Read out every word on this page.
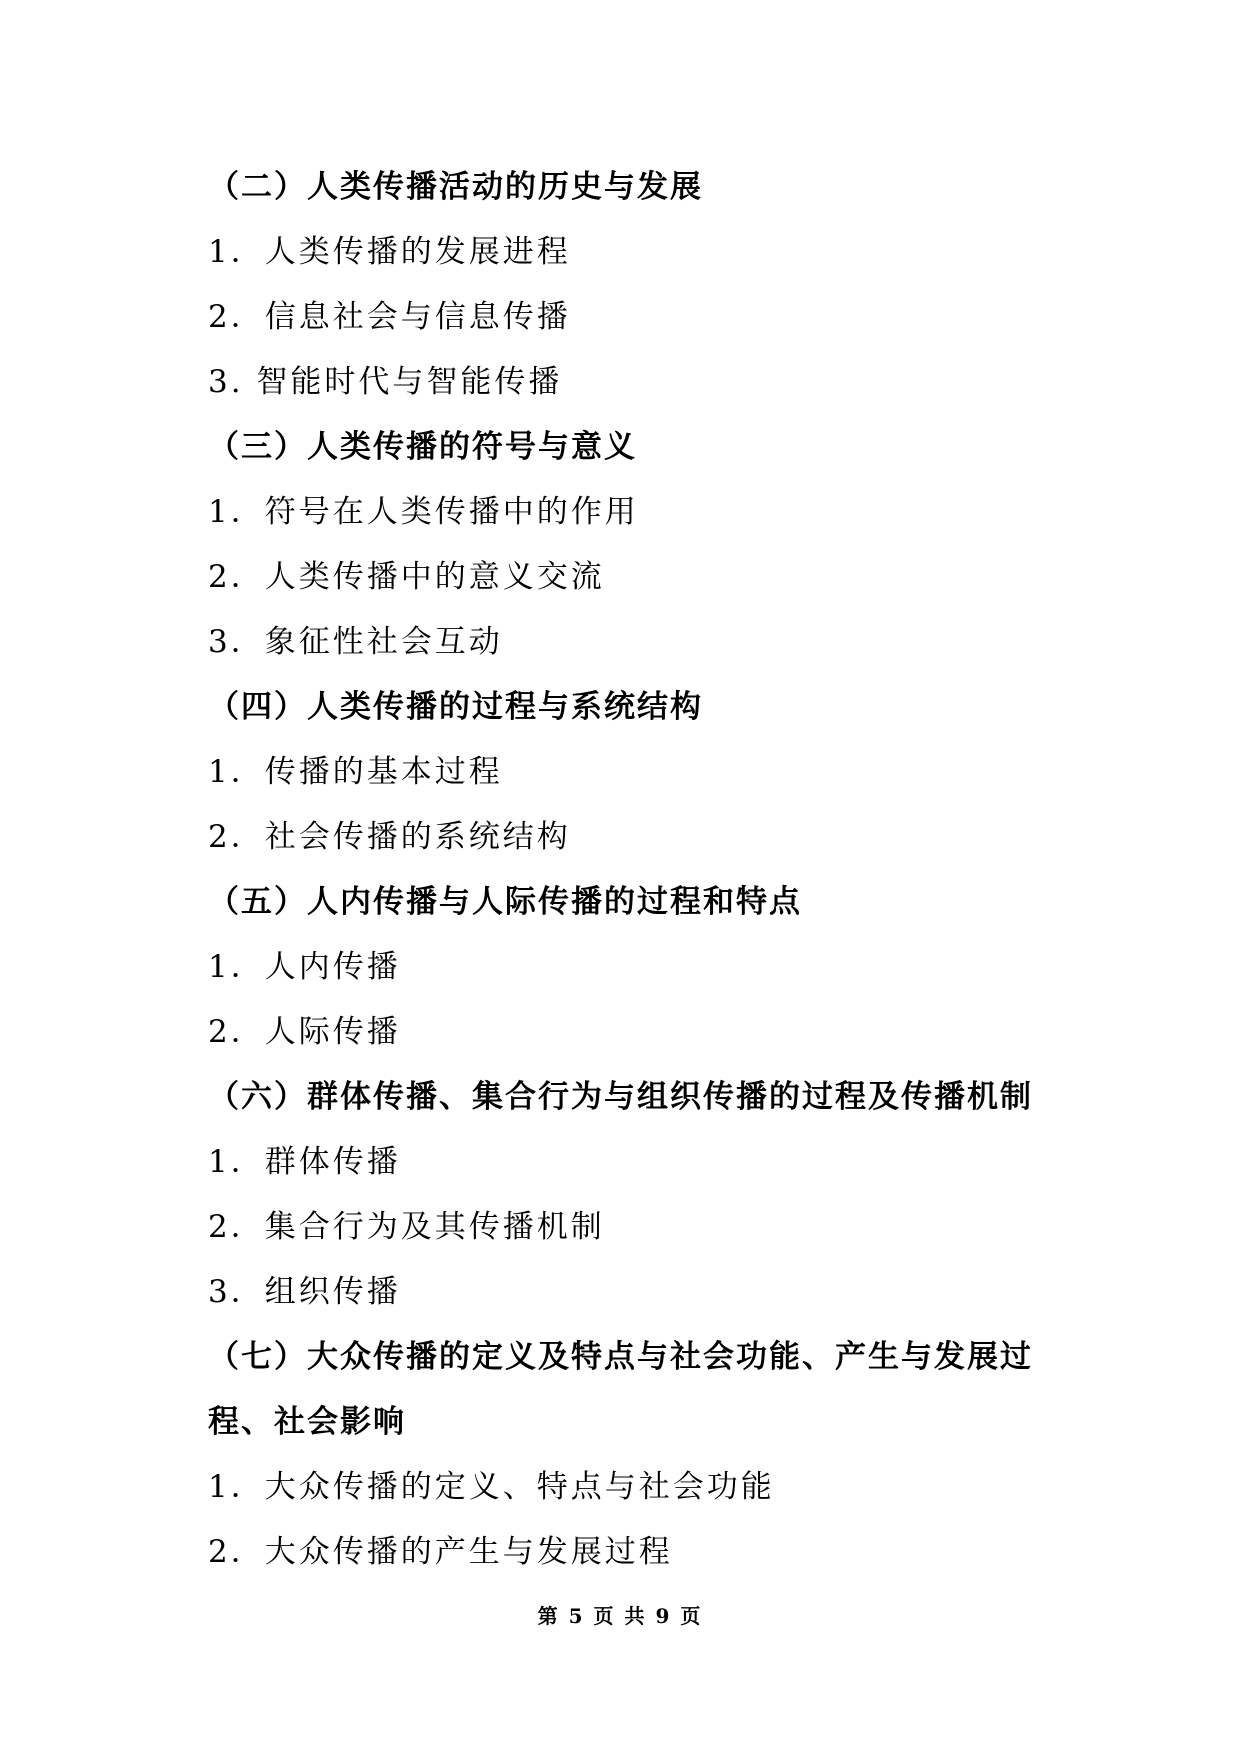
（二）人类传播活动的历史与发展
1．人类传播的发展进程
2．信息社会与信息传播
3. 智能时代与智能传播
（三）人类传播的符号与意义
1．符号在人类传播中的作用
2．人类传播中的意义交流
3．象征性社会互动
（四）人类传播的过程与系统结构
1．传播的基本过程
2．社会传播的系统结构
（五）人内传播与人际传播的过程和特点
1．人内传播
2．人际传播
（六）群体传播、集合行为与组织传播的过程及传播机制
1．群体传播
2．集合行为及其传播机制
3．组织传播
（七）大众传播的定义及特点与社会功能、产生与发展过
程、社会影响
1．大众传播的定义、特点与社会功能
2．大众传播的产生与发展过程
第 5 页 共 9 页
